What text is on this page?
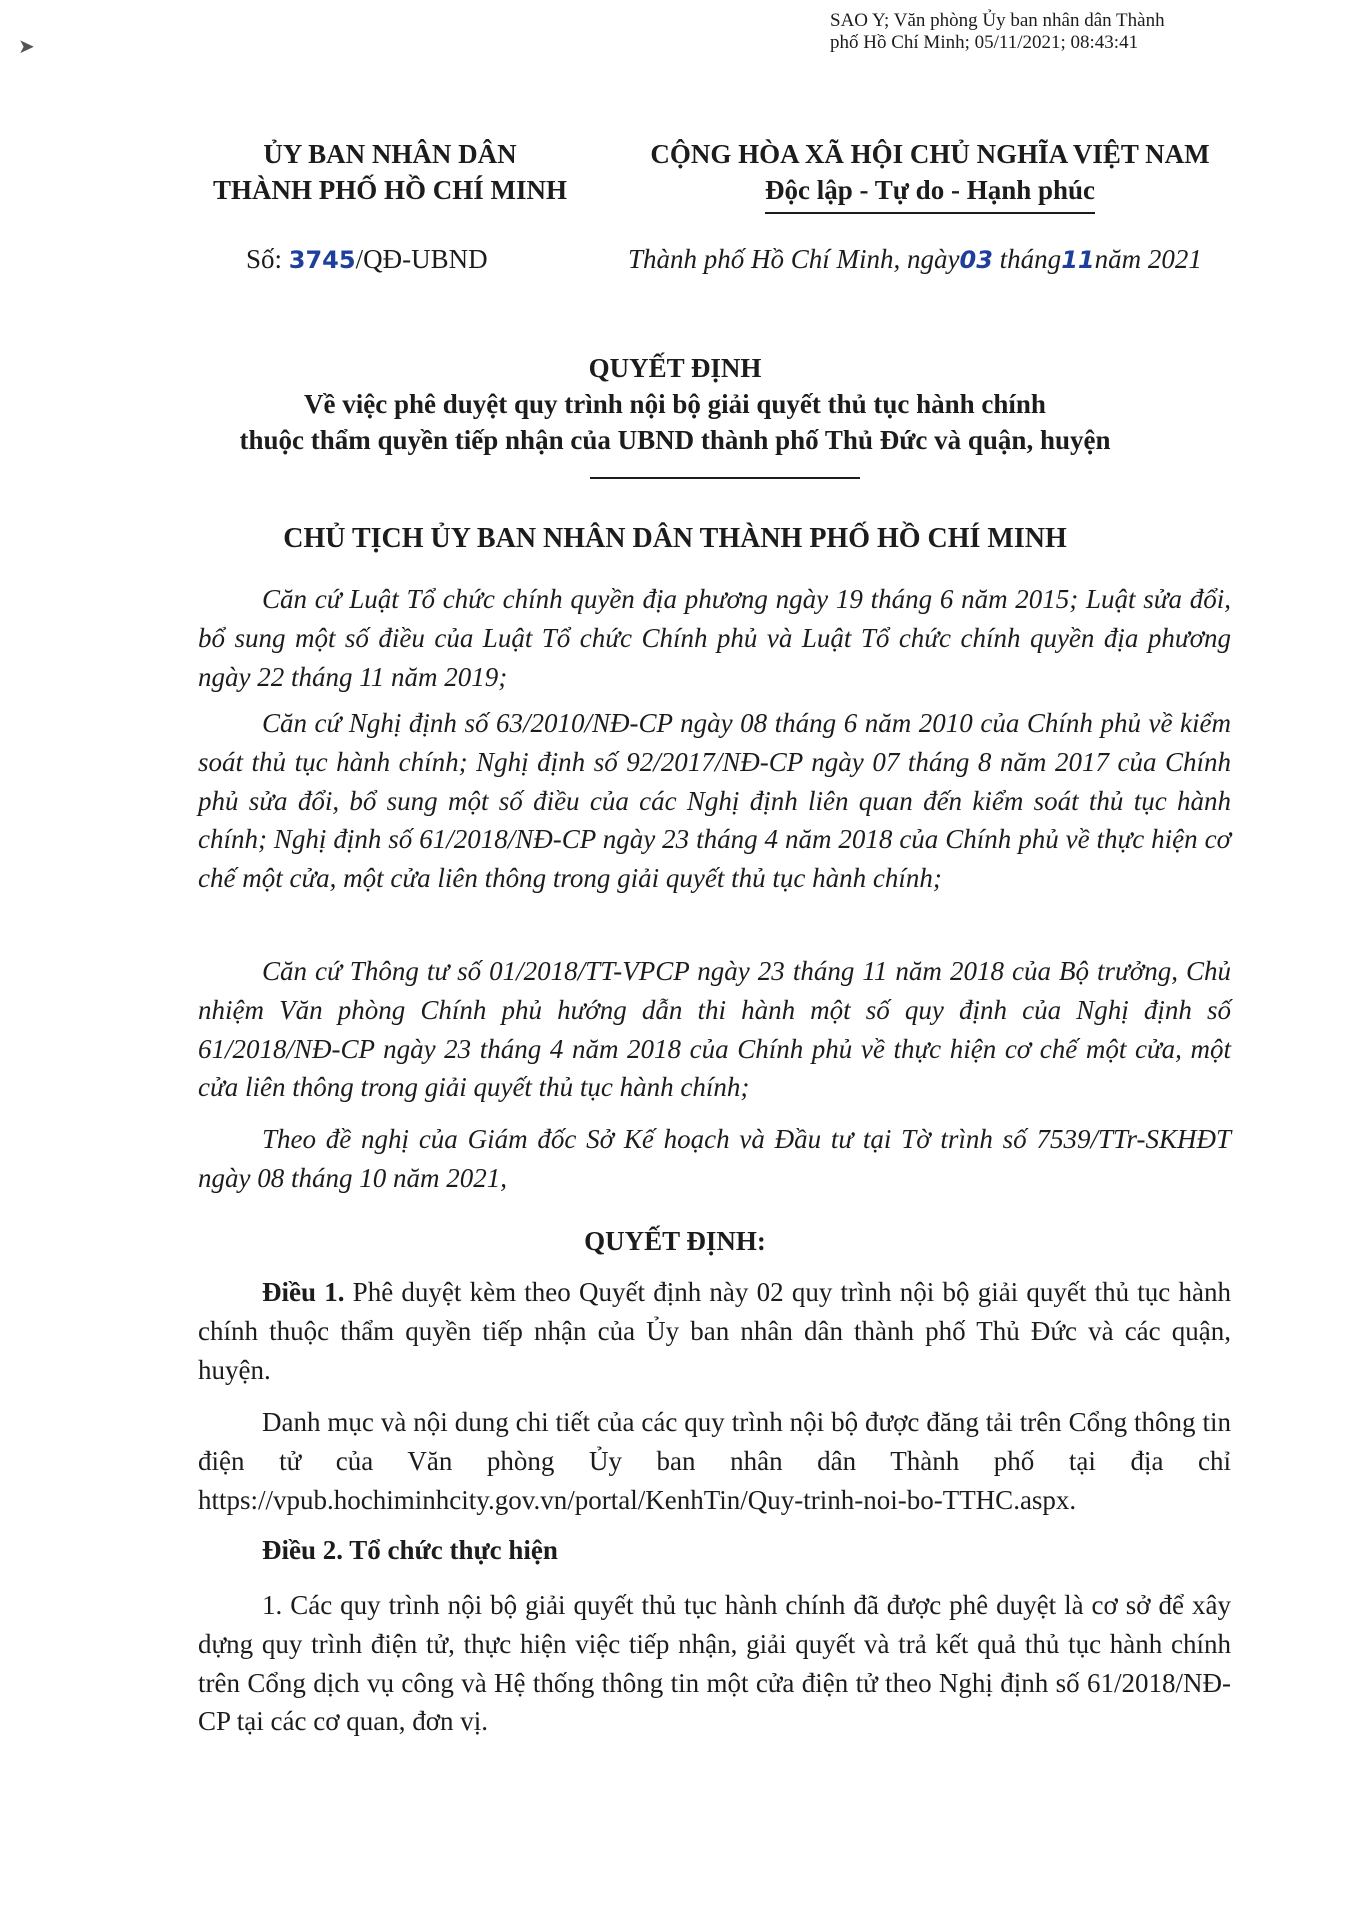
➤
SAO Y; Văn phòng Ủy ban nhân dân Thành
phố Hồ Chí Minh; 05/11/2021; 08:43:41
ỦY BAN NHÂN DÂN
THÀNH PHỐ HỒ CHÍ MINH
CỘNG HÒA XÃ HỘI CHỦ NGHĨA VIỆT NAM
Độc lập - Tự do - Hạnh phúc
Số: 3745/QĐ-UBND	Thành phố Hồ Chí Minh, ngày03 tháng11năm 2021
QUYẾT ĐỊNH
Về việc phê duyệt quy trình nội bộ giải quyết thủ tục hành chính
thuộc thẩm quyền tiếp nhận của UBND thành phố Thủ Đức và quận, huyện
CHỦ TỊCH ỦY BAN NHÂN DÂN THÀNH PHỐ HỒ CHÍ MINH
Căn cứ Luật Tổ chức chính quyền địa phương ngày 19 tháng 6 năm 2015; Luật sửa đổi, bổ sung một số điều của Luật Tổ chức Chính phủ và Luật Tổ chức chính quyền địa phương ngày 22 tháng 11 năm 2019;
Căn cứ Nghị định số 63/2010/NĐ-CP ngày 08 tháng 6 năm 2010 của Chính phủ về kiểm soát thủ tục hành chính; Nghị định số 92/2017/NĐ-CP ngày 07 tháng 8 năm 2017 của Chính phủ sửa đổi, bổ sung một số điều của các Nghị định liên quan đến kiểm soát thủ tục hành chính; Nghị định số 61/2018/NĐ-CP ngày 23 tháng 4 năm 2018 của Chính phủ về thực hiện cơ chế một cửa, một cửa liên thông trong giải quyết thủ tục hành chính;
Căn cứ Thông tư số 01/2018/TT-VPCP ngày 23 tháng 11 năm 2018 của Bộ trưởng, Chủ nhiệm Văn phòng Chính phủ hướng dẫn thi hành một số quy định của Nghị định số 61/2018/NĐ-CP ngày 23 tháng 4 năm 2018 của Chính phủ về thực hiện cơ chế một cửa, một cửa liên thông trong giải quyết thủ tục hành chính;
Theo đề nghị của Giám đốc Sở Kế hoạch và Đầu tư tại Tờ trình số 7539/TTr-SKHĐT ngày 08 tháng 10 năm 2021,
QUYẾT ĐỊNH:
Điều 1. Phê duyệt kèm theo Quyết định này 02 quy trình nội bộ giải quyết thủ tục hành chính thuộc thẩm quyền tiếp nhận của Ủy ban nhân dân thành phố Thủ Đức và các quận, huyện.
Danh mục và nội dung chi tiết của các quy trình nội bộ được đăng tải trên Cổng thông tin điện tử của Văn phòng Ủy ban nhân dân Thành phố tại địa chỉ https://vpub.hochiminhcity.gov.vn/portal/KenhTin/Quy-trinh-noi-bo-TTHC.aspx.
Điều 2. Tổ chức thực hiện
1. Các quy trình nội bộ giải quyết thủ tục hành chính đã được phê duyệt là cơ sở để xây dựng quy trình điện tử, thực hiện việc tiếp nhận, giải quyết và trả kết quả thủ tục hành chính trên Cổng dịch vụ công và Hệ thống thông tin một cửa điện tử theo Nghị định số 61/2018/NĐ-CP tại các cơ quan, đơn vị.
